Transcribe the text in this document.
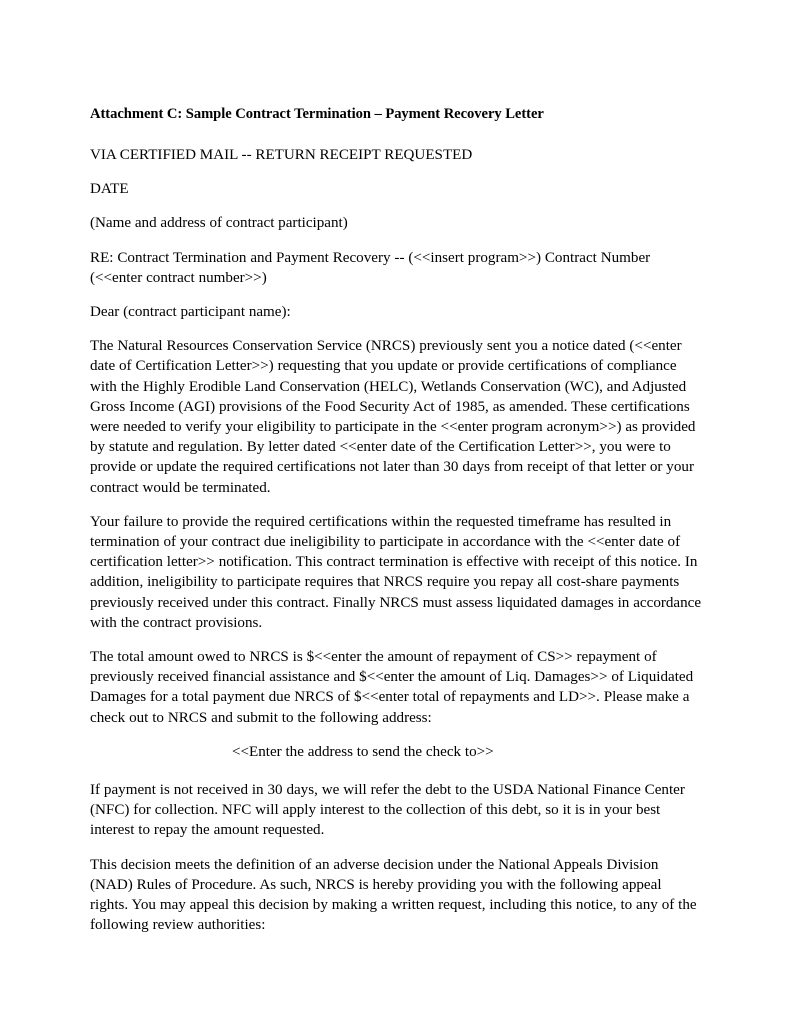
Attachment C: Sample Contract Termination – Payment Recovery Letter
VIA CERTIFIED MAIL -- RETURN RECEIPT REQUESTED
DATE
(Name and address of contract participant)

RE: Contract Termination and Payment Recovery -- (<<insert program>>) Contract Number (<<enter contract number>>)

Dear (contract participant name):

The Natural Resources Conservation Service (NRCS) previously sent you a notice dated (<<enter date of Certification Letter>>) requesting that you update or provide certifications of compliance with the Highly Erodible Land Conservation (HELC), Wetlands Conservation (WC), and Adjusted Gross Income (AGI) provisions of the Food Security Act of 1985, as amended. These certifications were needed to verify your eligibility to participate in the <<enter program acronym>>) as provided by statute and regulation. By letter dated <<enter date of the Certification Letter>>, you were to provide or update the required certifications not later than 30 days from receipt of that letter or your contract would be terminated.

Your failure to provide the required certifications within the requested timeframe has resulted in termination of your contract due ineligibility to participate in accordance with the <<enter date of certification letter>> notification. This contract termination is effective with receipt of this notice. In addition, ineligibility to participate requires that NRCS require you repay all cost-share payments previously received under this contract. Finally NRCS must assess liquidated damages in accordance with the contract provisions.

The total amount owed to NRCS is $<<enter the amount of repayment of CS>> repayment of previously received financial assistance and $<<enter the amount of Liq. Damages>> of Liquidated Damages for a total payment due NRCS of $<<enter total of repayments and LD>>. Please make a check out to NRCS and submit to the following address:

<<Enter the address to send the check to>>

If payment is not received in 30 days, we will refer the debt to the USDA National Finance Center (NFC) for collection. NFC will apply interest to the collection of this debt, so it is in your best interest to repay the amount requested.

This decision meets the definition of an adverse decision under the National Appeals Division (NAD) Rules of Procedure. As such, NRCS is hereby providing you with the following appeal rights. You may appeal this decision by making a written request, including this notice, to any of the following review authorities:
